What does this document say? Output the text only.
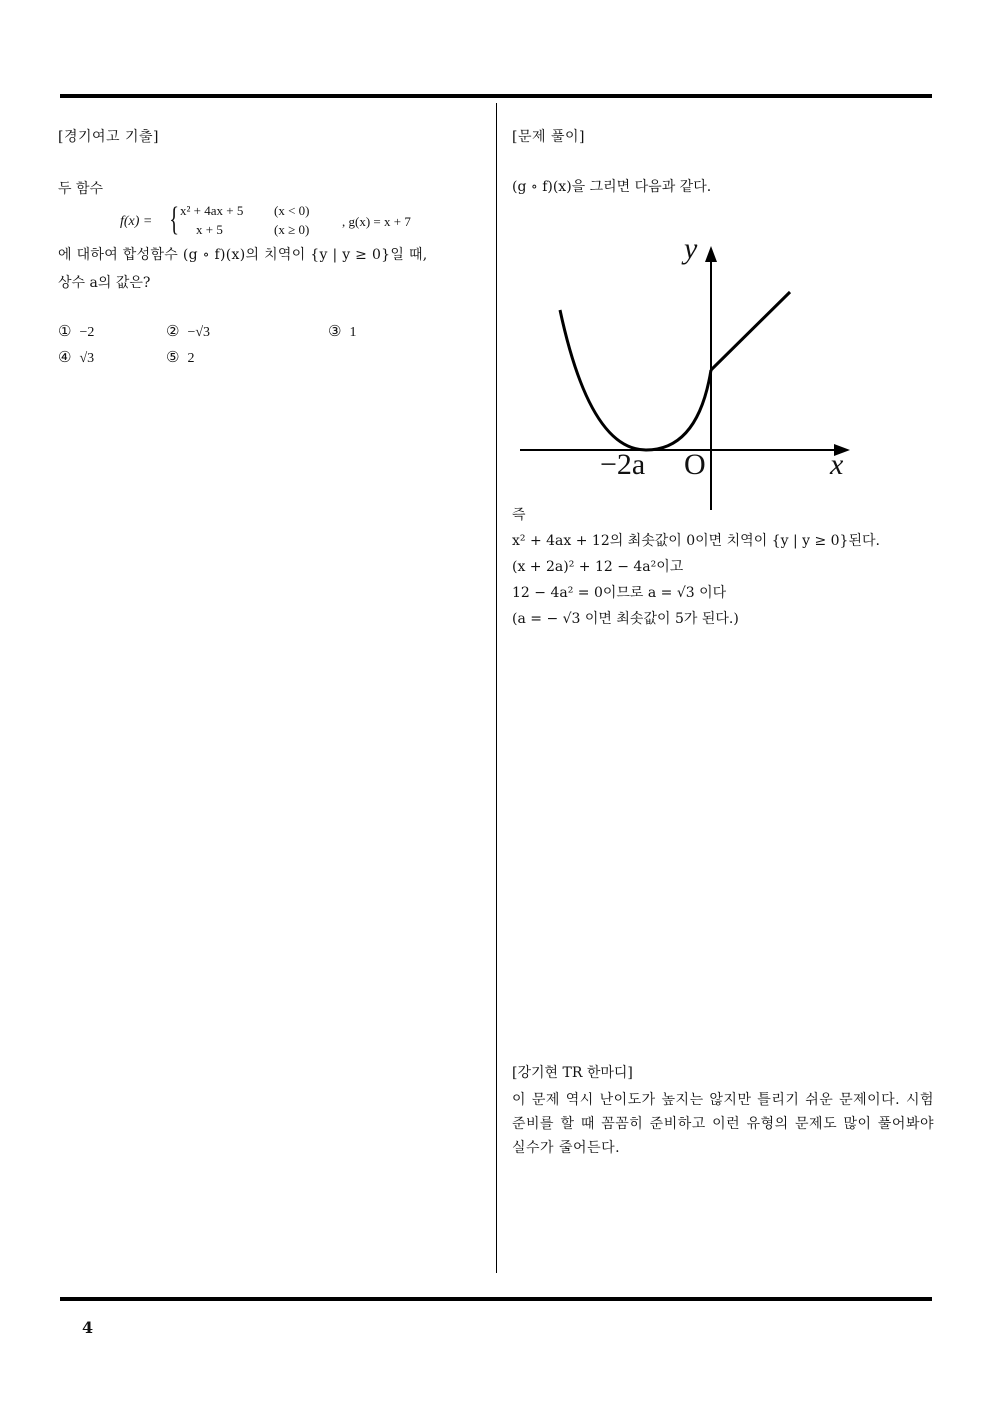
[경기여고 기출]
두 함수
f(x) = { x² + 4ax + 5 (x < 0)
x + 5	(x ≥ 0)
, g(x) = x + 7
에 대하여 합성함수 (g ∘ f)(x)의 치역이 {y | y ≥ 0}일 때,
상수 a의 값은?
① −2	② −√3	③ 1
④ √3	⑤ 2
[문제 풀이]
(g ∘ f)(x)을 그리면 다음과 같다.
y
x
O
−2a
즉
x² + 4ax + 12의 최솟값이 0이면 치역이 {y | y ≥ 0}된다.
(x + 2a)² + 12 − 4a²이고
12 − 4a² = 0이므로 a = √3 이다
(a = − √3 이면 최솟값이 5가 된다.)
[강기현 TR 한마디]
이 문제 역시 난이도가 높지는 않지만 틀리기 쉬운 문제이다. 시험 준비를 할 때 꼼꼼히 준비하고 이런 유형의 문제도 많이 풀어봐야 실수가 줄어든다.
4
